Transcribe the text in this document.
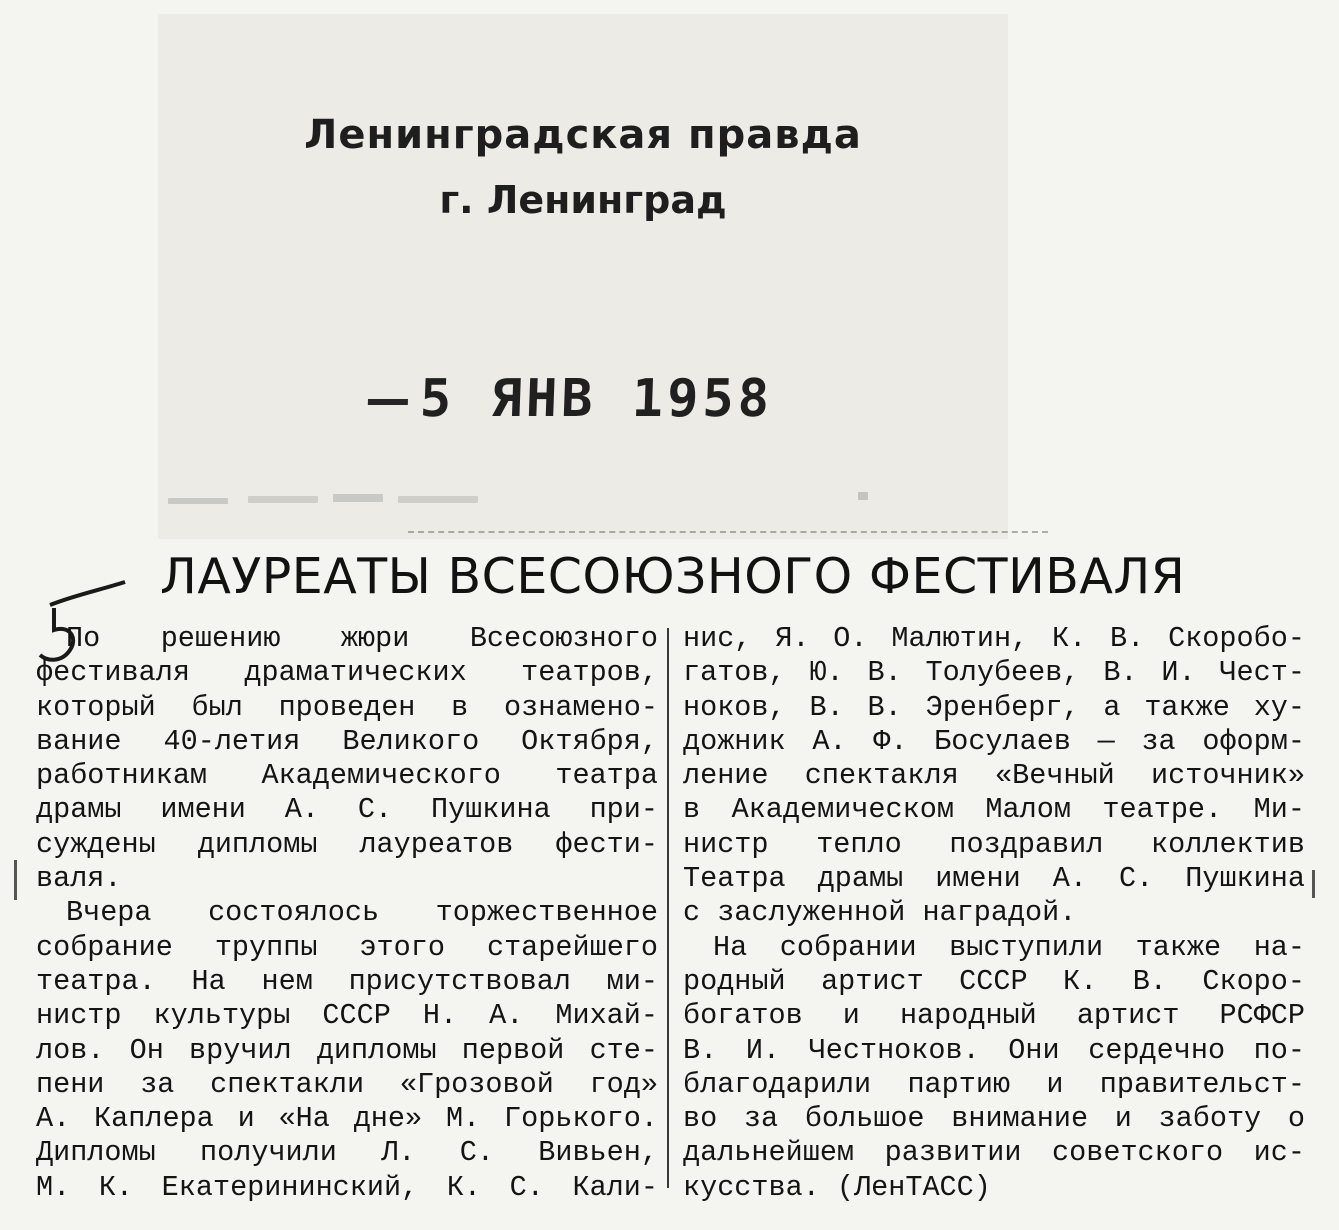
Ленинградская правда
г. Ленинград
5 ЯНВ 1958
ЛАУРЕАТЫ ВСЕСОЮЗНОГО ФЕСТИВАЛЯ
По решению жюри Всесоюзного
фестиваля драматических театров,
который был проведен в ознамено-
вание 40-летия Великого Октября,
работникам Академического театра
драмы имени А. С. Пушкина при-
суждены дипломы лауреатов фести-
валя.
Вчера состоялось торжественное
собрание труппы этого старейшего
театра. На нем присутствовал ми-
нистр культуры СССР Н. А. Михай-
лов. Он вручил дипломы первой сте-
пени за спектакли «Грозовой год»
А. Каплера и «На дне» М. Горького.
Дипломы получили Л. С. Вивьен,
М. К. Екатерининский, К. С. Кали-
нис, Я. О. Малютин, К. В. Скоробо-
гатов, Ю. В. Толубеев, В. И. Чест-
ноков, В. В. Эренберг, а также ху-
дожник А. Ф. Босулаев — за оформ-
ление спектакля «Вечный источник»
в Академическом Малом театре. Ми-
нистр тепло поздравил коллектив
Театра драмы имени А. С. Пушкина
с заслуженной наградой.
На собрании выступили также на-
родный артист СССР К. В. Скоро-
богатов и народный артист РСФСР
В. И. Честноков. Они сердечно по-
благодарили партию и правительст-
во за большое внимание и заботу о
дальнейшем развитии советского ис-
кусства. (ЛенТАСС)
